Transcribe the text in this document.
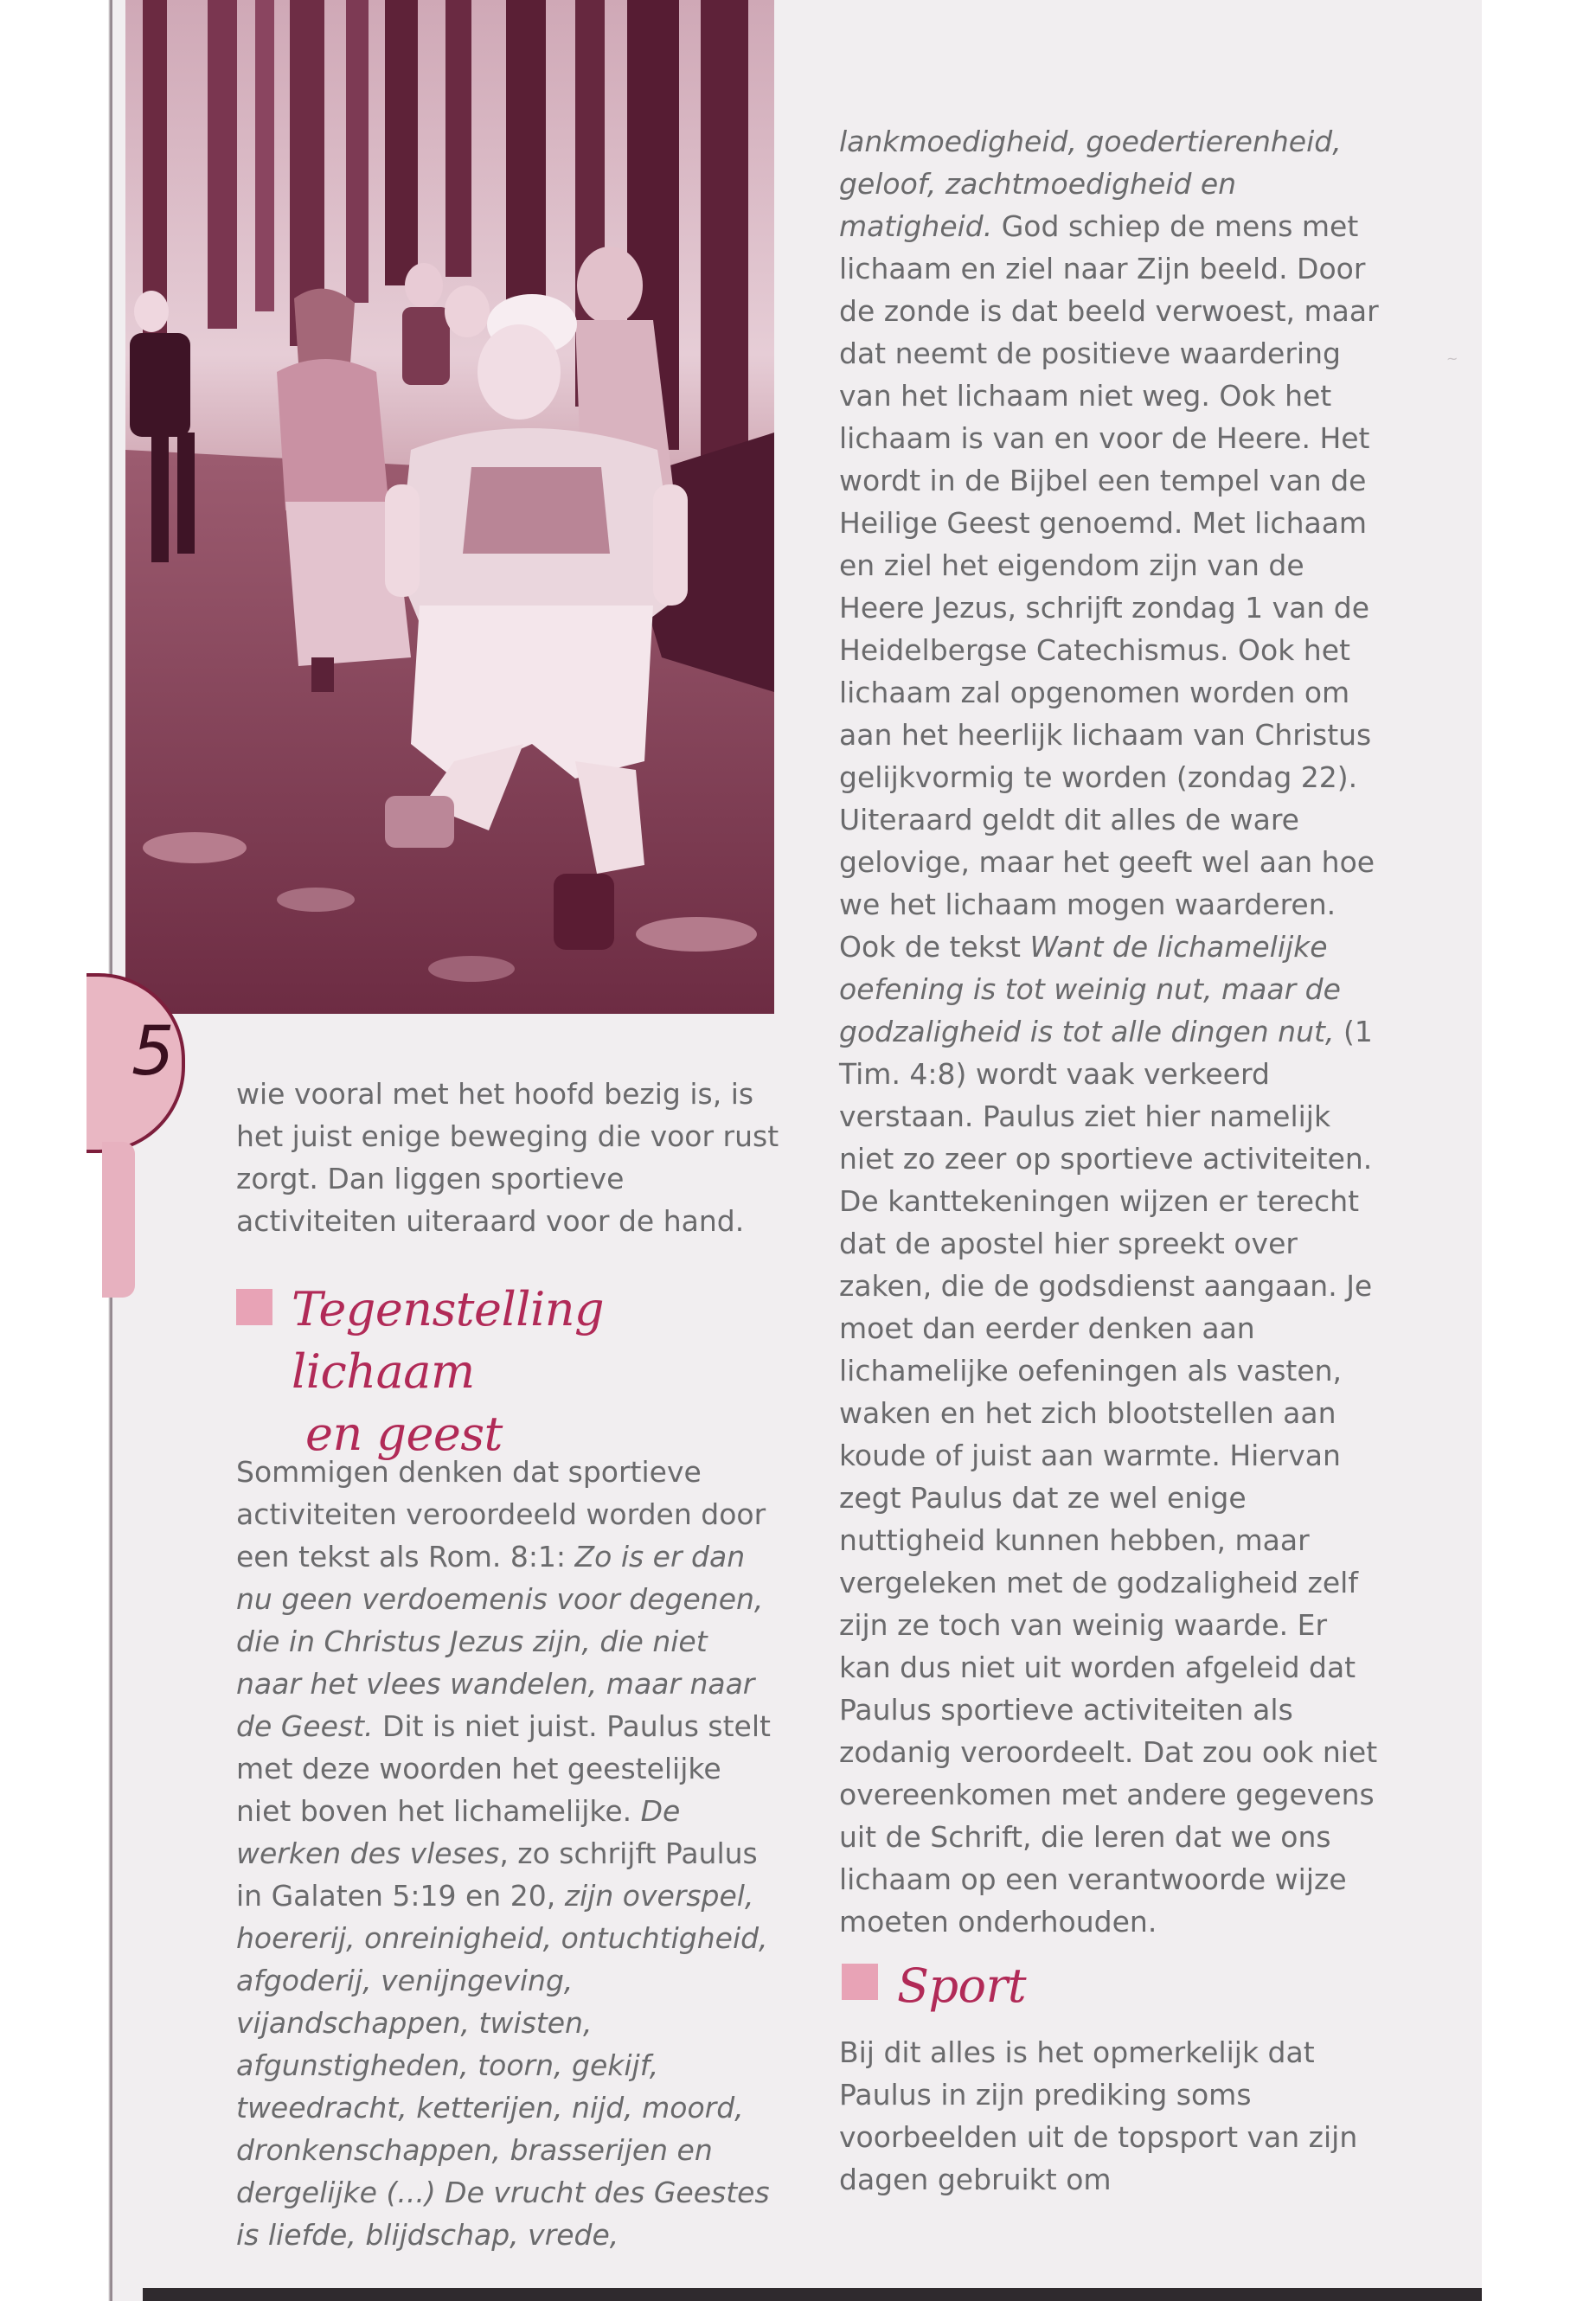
5

wie vooral met het hoofd bezig is, is het juist enige beweging die voor rust zorgt. Dan liggen sportieve activiteiten uiteraard voor de hand.

Tegenstelling lichaam
en geest

Sommigen denken dat sportieve activiteiten veroordeeld worden door een tekst als Rom. 8:1: Zo is er dan nu geen verdoemenis voor degenen, die in Christus Jezus zijn, die niet naar het vlees wandelen, maar naar de Geest. Dit is niet juist. Paulus stelt met deze woorden het geestelijke niet boven het lichamelijke. De werken des vleses, zo schrijft Paulus in Galaten 5:19 en 20, zijn overspel, hoererij, onreinigheid, ontuchtigheid, afgoderij, venijngeving, vijandschappen, twisten, afgunstigheden, toorn, gekijf, tweedracht, ketterijen, nijd, moord, dronkenschappen, brasserijen en dergelijke (...) De vrucht des Geestes is liefde, blijdschap, vrede,

lankmoedigheid, goedertierenheid, geloof, zachtmoedigheid en matigheid. God schiep de mens met lichaam en ziel naar Zijn beeld. Door de zonde is dat beeld verwoest, maar dat neemt de positieve waardering van het lichaam niet weg. Ook het lichaam is van en voor de Heere. Het wordt in de Bijbel een tempel van de Heilige Geest genoemd. Met lichaam en ziel het eigendom zijn van de Heere Jezus, schrijft zondag 1 van de Heidelbergse Catechismus. Ook het lichaam zal opgenomen worden om aan het heerlijk lichaam van Christus gelijkvormig te worden (zondag 22). Uiteraard geldt dit alles de ware gelovige, maar het geeft wel aan hoe we het lichaam mogen waarderen.

Ook de tekst Want de lichamelijke oefening is tot weinig nut, maar de godzaligheid is tot alle dingen nut, (1 Tim. 4:8) wordt vaak verkeerd verstaan. Paulus ziet hier namelijk niet zo zeer op sportieve activiteiten. De kanttekeningen wijzen er terecht dat de apostel hier spreekt over zaken, die de godsdienst aangaan. Je moet dan eerder denken aan lichamelijke oefeningen als vasten, waken en het zich blootstellen aan koude of juist aan warmte. Hiervan zegt Paulus dat ze wel enige nuttigheid kunnen hebben, maar vergeleken met de godzaligheid zelf zijn ze toch van weinig waarde. Er kan dus niet uit worden afgeleid dat Paulus sportieve activiteiten als zodanig veroordeelt. Dat zou ook niet overeenkomen met andere gegevens uit de Schrift, die leren dat we ons lichaam op een verantwoorde wijze moeten onderhouden.

Sport

Bij dit alles is het opmerkelijk dat Paulus in zijn prediking soms voorbeelden uit de topsport van zijn dagen gebruikt om

~
